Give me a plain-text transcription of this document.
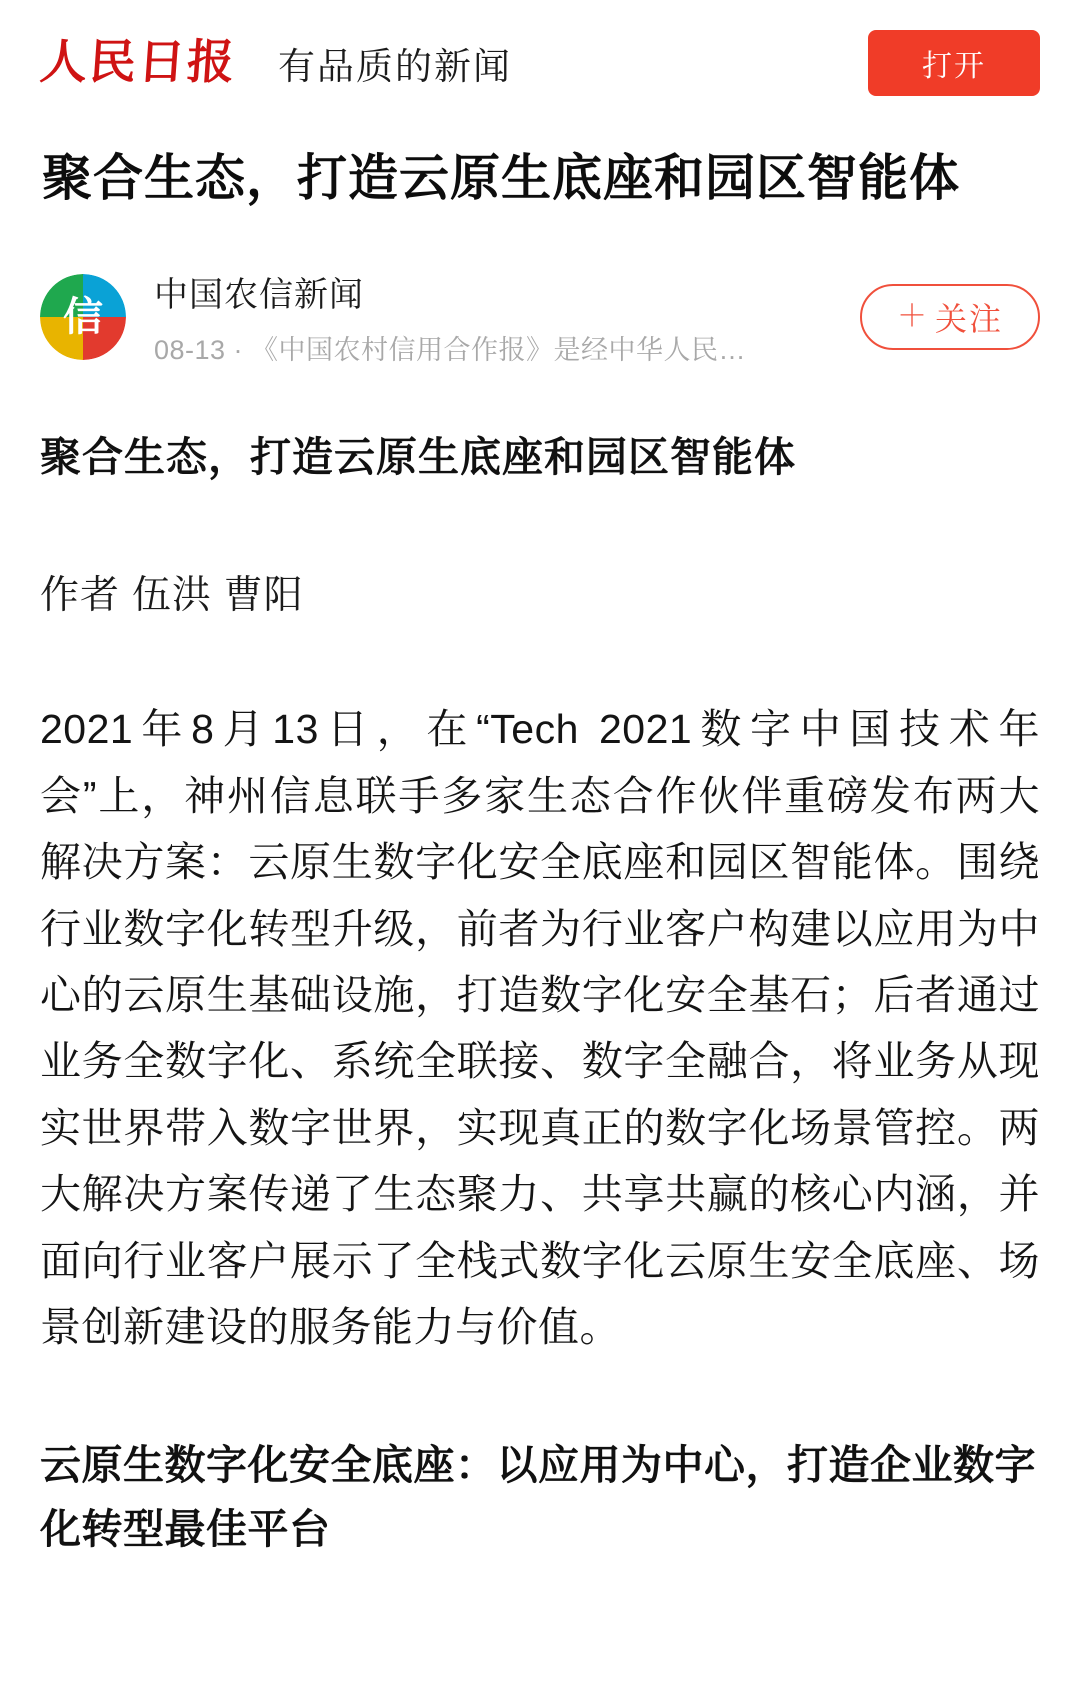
人民日报 有品质的新闻	打开
聚合生态，打造云原生底座和园区智能体
信 中国农信新闻
08-13 · 《中国农村信用合作报》是经中华人民…
＋ 关注
聚合生态，打造云原生底座和园区智能体
作者 伍洪 曹阳

2021年8月13日，在“Tech 2021数字中国技术年会”上，神州信息联手多家生态合作伙伴重磅发布两大解决方案：云原生数字化安全底座和园区智能体。围绕行业数字化转型升级，前者为行业客户构建以应用为中心的云原生基础设施，打造数字化安全基石；后者通过业务全数字化、系统全联接、数字全融合，将业务从现实世界带入数字世界，实现真正的数字化场景管控。两大解决方案传递了生态聚力、共享共赢的核心内涵，并面向行业客户展示了全栈式数字化云原生安全底座、场景创新建设的服务能力与价值。

云原生数字化安全底座：以应用为中心，打造企业数字化转型最佳平台
